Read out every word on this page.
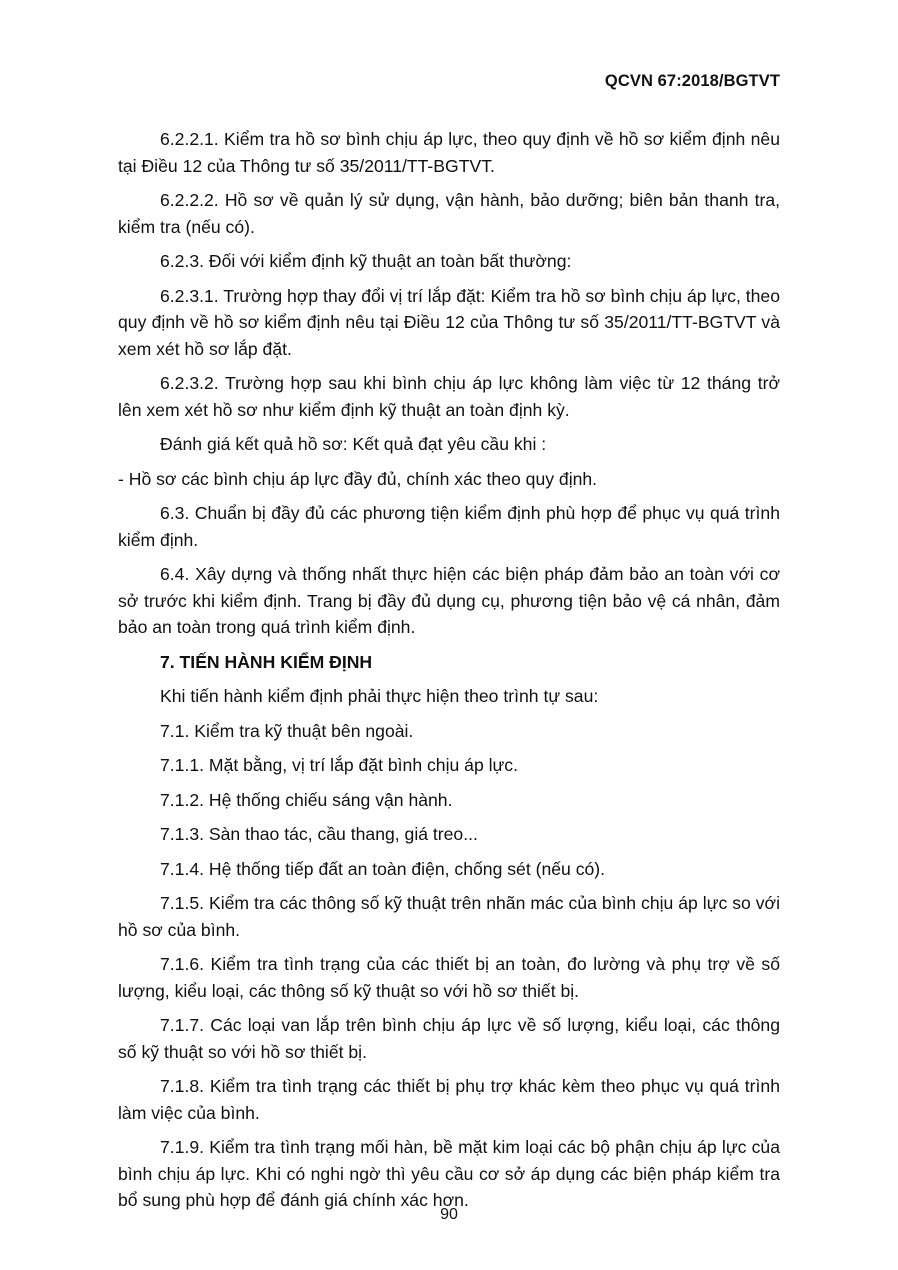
QCVN 67:2018/BGTVT

6.2.2.1. Kiểm tra hồ sơ bình chịu áp lực, theo quy định về hồ sơ kiểm định nêu tại Điều 12 của Thông tư số 35/2011/TT-BGTVT.

6.2.2.2. Hồ sơ về quản lý sử dụng, vận hành, bảo dưỡng; biên bản thanh tra, kiểm tra (nếu có).

6.2.3. Đối với kiểm định kỹ thuật an toàn bất thường:

6.2.3.1. Trường hợp thay đổi vị trí lắp đặt: Kiểm tra hồ sơ bình chịu áp lực, theo quy định về hồ sơ kiểm định nêu tại Điều 12 của Thông tư số 35/2011/TT-BGTVT và xem xét hồ sơ lắp đặt.

6.2.3.2. Trường hợp sau khi bình chịu áp lực không làm việc từ 12 tháng trở lên xem xét hồ sơ như kiểm định kỹ thuật an toàn định kỳ.

Đánh giá kết quả hồ sơ: Kết quả đạt yêu cầu khi :

- Hồ sơ các bình chịu áp lực đầy đủ, chính xác theo quy định.

6.3. Chuẩn bị đầy đủ các phương tiện kiểm định phù hợp để phục vụ quá trình kiểm định.

6.4. Xây dựng và thống nhất thực hiện các biện pháp đảm bảo an toàn với cơ sở trước khi kiểm định. Trang bị đầy đủ dụng cụ, phương tiện bảo vệ cá nhân, đảm bảo an toàn trong quá trình kiểm định.

7. TIẾN HÀNH KIỂM ĐỊNH

Khi tiến hành kiểm định phải thực hiện theo trình tự sau:

7.1. Kiểm tra kỹ thuật bên ngoài.

7.1.1. Mặt bằng, vị trí lắp đặt bình chịu áp lực.

7.1.2. Hệ thống chiếu sáng vận hành.

7.1.3. Sàn thao tác, cầu thang, giá treo...

7.1.4. Hệ thống tiếp đất an toàn điện, chống sét (nếu có).

7.1.5. Kiểm tra các thông số kỹ thuật trên nhãn mác của bình chịu áp lực so với hồ sơ của bình.

7.1.6. Kiểm tra tình trạng của các thiết bị an toàn, đo lường và phụ trợ về số lượng, kiểu loại, các thông số kỹ thuật so với hồ sơ thiết bị.

7.1.7. Các loại van lắp trên bình chịu áp lực về số lượng, kiểu loại, các thông số kỹ thuật so với hồ sơ thiết bị.

7.1.8. Kiểm tra tình trạng các thiết bị phụ trợ khác kèm theo phục vụ quá trình làm việc của bình.

7.1.9. Kiểm tra tình trạng mối hàn, bề mặt kim loại các bộ phận chịu áp lực của bình chịu áp lực. Khi có nghi ngờ thì yêu cầu cơ sở áp dụng các biện pháp kiểm tra bổ sung phù hợp để đánh giá chính xác hơn.

90
